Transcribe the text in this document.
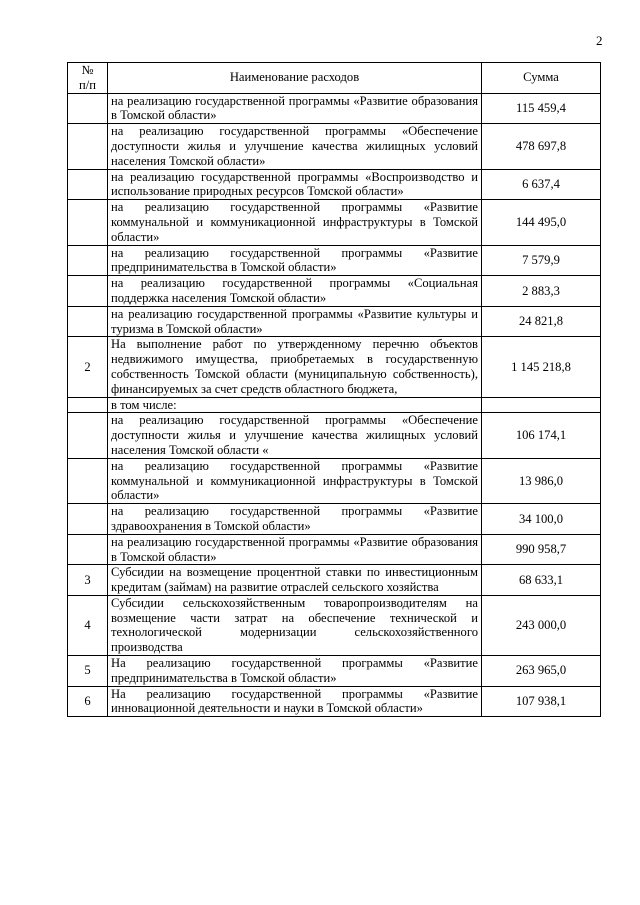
2
№
п/п	Наименование расходов	Сумма
	на реализацию государственной программы «Развитие образования в Томской области»	115 459,4
	на реализацию государственной программы «Обеспечение доступности жилья и улучшение качества жилищных условий населения Томской области»	478 697,8
	на реализацию государственной программы «Воспроизводство и использование природных ресурсов Томской области»	6 637,4
	на реализацию государственной программы «Развитие коммунальной и коммуникационной инфраструктуры в Томской области»	144 495,0
	на реализацию государственной программы «Развитие предпринимательства в Томской области»	7 579,9
	на реализацию государственной программы «Социальная поддержка населения Томской области»	2 883,3
	на реализацию государственной программы «Развитие культуры и туризма в Томской области»	24 821,8
2	На выполнение работ по утвержденному перечню объектов недвижимого имущества, приобретаемых в государственную собственность Томской области (муниципальную собственность), финансируемых за счет средств областного бюджета,	1 145 218,8
	в том числе:	
	на реализацию государственной программы «Обеспечение доступности жилья и улучшение качества жилищных условий населения Томской области «	106 174,1
	на реализацию государственной программы «Развитие коммунальной и коммуникационной инфраструктуры в Томской области»	13 986,0
	на реализацию государственной программы «Развитие здравоохранения в Томской области»	34 100,0
	на реализацию государственной программы «Развитие образования в Томской области»	990 958,7
3	Субсидии на возмещение процентной ставки по инвестиционным кредитам (займам) на развитие отраслей сельского хозяйства	68 633,1
4	Субсидии сельскохозяйственным товаропроизводителям на возмещение части затрат на обеспечение технической и технологической модернизации сельскохозяйственного производства	243 000,0
5	На реализацию государственной программы «Развитие предпринимательства в Томской области»	263 965,0
6	На реализацию государственной программы «Развитие инновационной деятельности и науки в Томской области»	107 938,1
